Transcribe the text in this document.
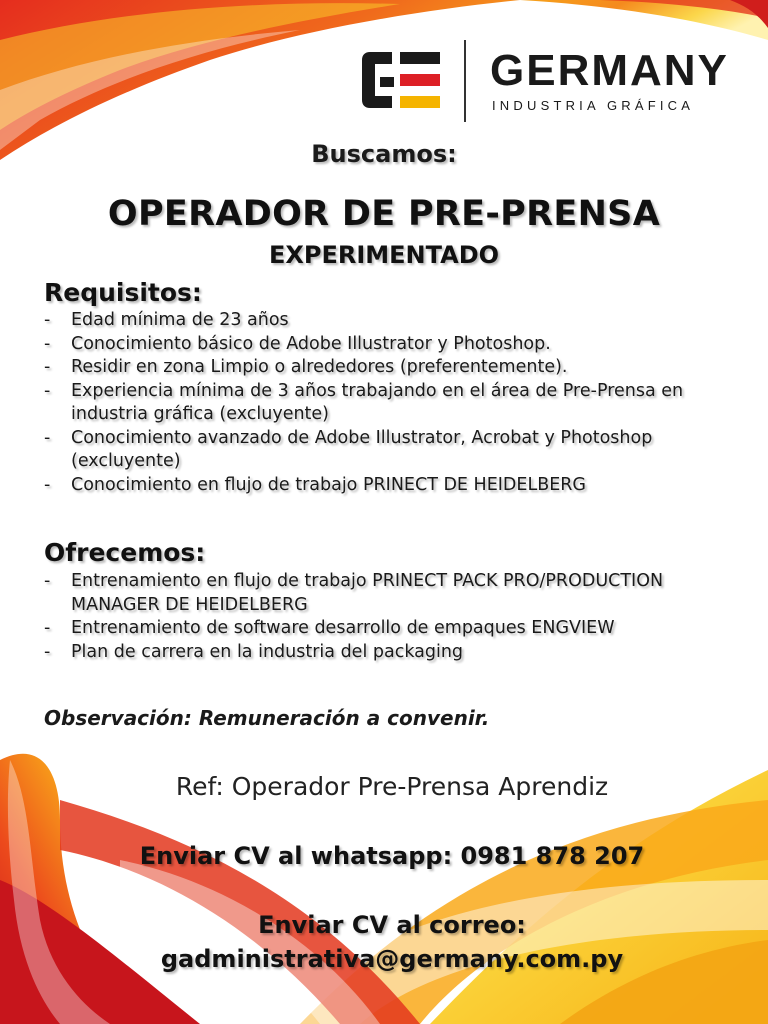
GERMANY
INDUSTRIA GRÁFICA
Buscamos:
OPERADOR DE PRE-PRENSA
EXPERIMENTADO
Requisitos:
- Edad mínima de 23 años
- Conocimiento básico de Adobe Illustrator y Photoshop.
- Residir en zona Limpio o alrededores (preferentemente).
- Experiencia mínima de 3 años trabajando en el área de Pre-Prensa en industria gráfica (excluyente)
- Conocimiento avanzado de Adobe Illustrator, Acrobat y Photoshop (excluyente)
- Conocimiento en flujo de trabajo PRINECT DE HEIDELBERG
Ofrecemos:
- Entrenamiento en flujo de trabajo PRINECT PACK PRO/PRODUCTION MANAGER DE HEIDELBERG
- Entrenamiento de software desarrollo de empaques ENGVIEW
- Plan de carrera en la industria del packaging
Observación: Remuneración a convenir.
Ref: Operador Pre-Prensa Aprendiz
Enviar CV al whatsapp: 0981 878 207
Enviar CV al correo:
gadministrativa@germany.com.py
